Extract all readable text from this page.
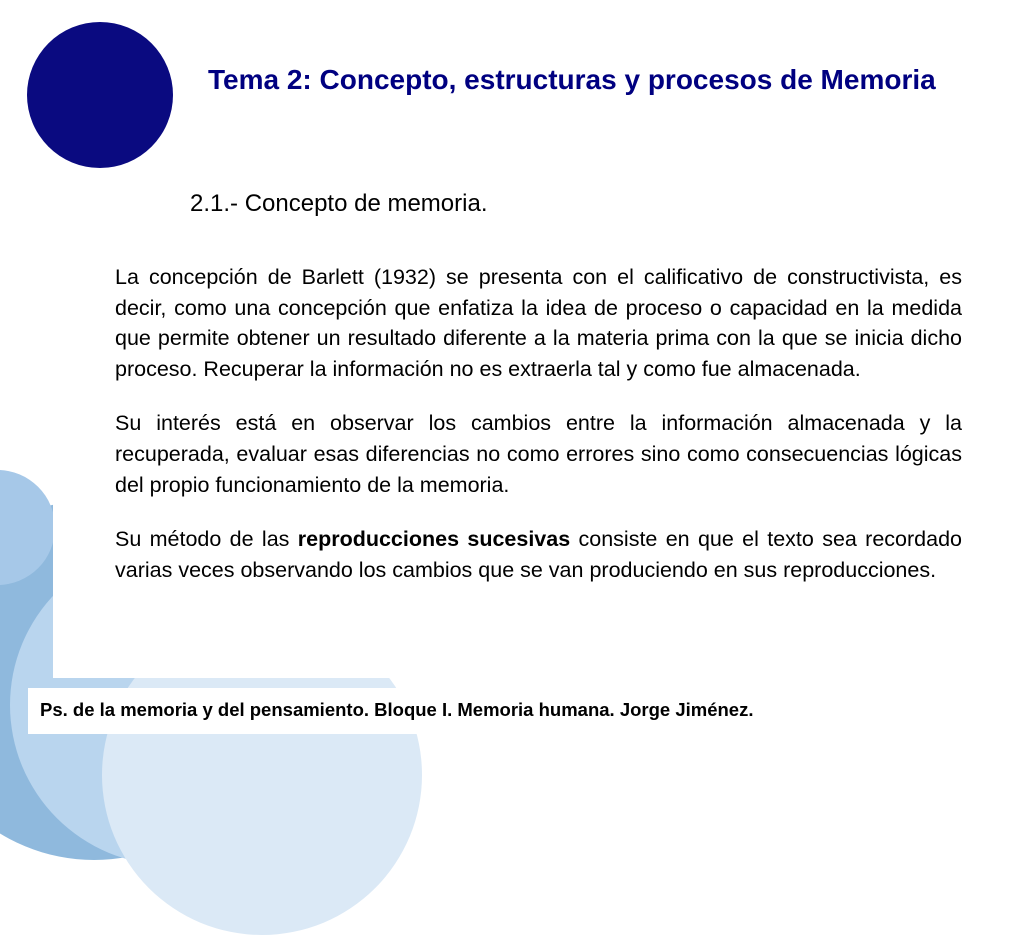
Tema 2: Concepto, estructuras y procesos de Memoria
2.1.- Concepto de memoria.

La concepción de Barlett (1932) se presenta con el calificativo de constructivista, es decir, como una concepción que enfatiza la idea de proceso o capacidad en la medida que permite obtener un resultado diferente a la materia prima con la que se inicia dicho proceso. Recuperar la información no es extraerla tal y como fue almacenada.

Su interés está en observar los cambios entre la información almacenada y la recuperada, evaluar esas diferencias no como errores sino como consecuencias lógicas del propio funcionamiento de la memoria.

Su método de las reproducciones sucesivas consiste en que el texto sea recordado varias veces observando los cambios que se van produciendo en sus reproducciones.

Ps. de la memoria y del pensamiento. Bloque I. Memoria humana. Jorge Jiménez.
